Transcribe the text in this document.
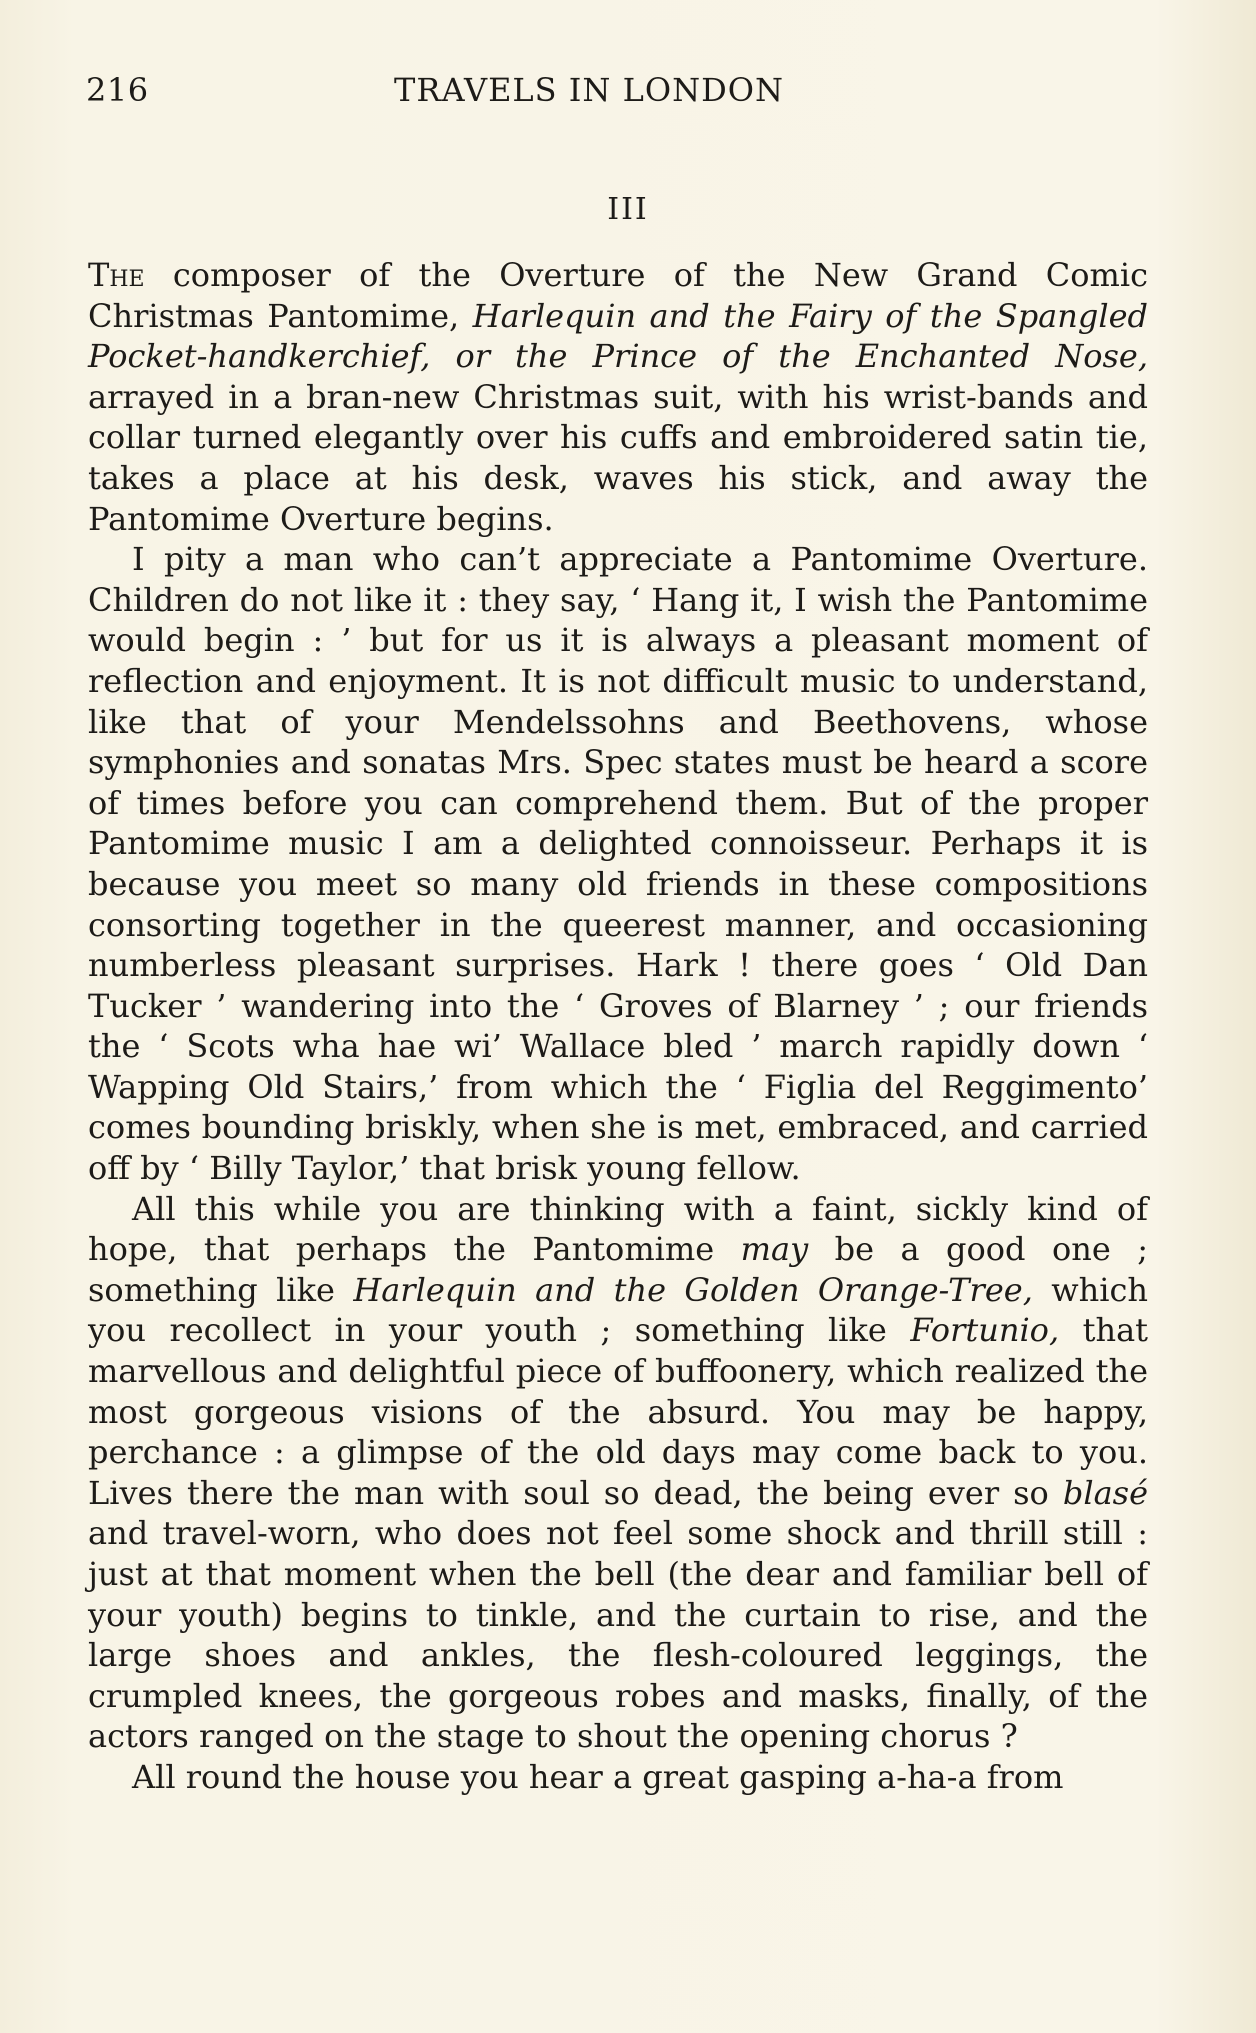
216	TRAVELS IN LONDON
III

The composer of the Overture of the New Grand Comic Christmas Pantomime, Harlequin and the Fairy of the Spangled Pocket-handkerchief, or the Prince of the Enchanted Nose, arrayed in a bran-new Christmas suit, with his wrist-bands and collar turned elegantly over his cuffs and embroidered satin tie, takes a place at his desk, waves his stick, and away the Pantomime Overture begins.

I pity a man who can’t appreciate a Pantomime Overture. Children do not like it : they say, ‘ Hang it, I wish the Pantomime would begin : ’ but for us it is always a pleasant moment of reflection and enjoyment. It is not difficult music to understand, like that of your Mendelssohns and Beethovens, whose symphonies and sonatas Mrs. Spec states must be heard a score of times before you can comprehend them. But of the proper Pantomime music I am a delighted connoisseur. Perhaps it is because you meet so many old friends in these compositions consorting together in the queerest manner, and occasioning numberless pleasant surprises. Hark ! there goes ‘ Old Dan Tucker ’ wandering into the ‘ Groves of Blarney ’ ; our friends the ‘ Scots wha hae wi’ Wallace bled ’ march rapidly down ‘ Wapping Old Stairs,’ from which the ‘ Figlia del Reggimento’ comes bounding briskly, when she is met, embraced, and carried off by ‘ Billy Taylor,’ that brisk young fellow.

All this while you are thinking with a faint, sickly kind of hope, that perhaps the Pantomime may be a good one ; something like Harlequin and the Golden Orange-Tree, which you recollect in your youth ; something like Fortunio, that marvellous and delightful piece of buffoonery, which realized the most gorgeous visions of the absurd. You may be happy, perchance : a glimpse of the old days may come back to you. Lives there the man with soul so dead, the being ever so blasé and travel-worn, who does not feel some shock and thrill still : just at that moment when the bell (the dear and familiar bell of your youth) begins to tinkle, and the curtain to rise, and the large shoes and ankles, the flesh-coloured leggings, the crumpled knees, the gorgeous robes and masks, finally, of the actors ranged on the stage to shout the opening chorus ?

All round the house you hear a great gasping a-ha-a from
